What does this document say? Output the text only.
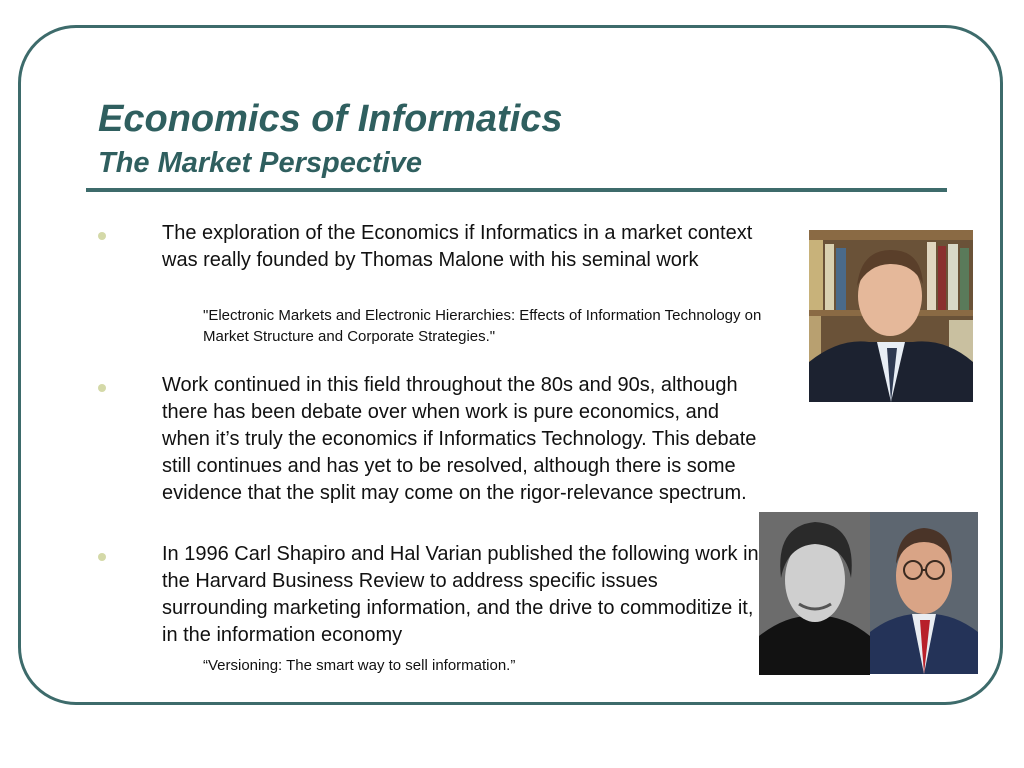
Economics of Informatics
The Market Perspective

The exploration of the Economics if Informatics in a market context was really founded by Thomas Malone with his seminal work

"Electronic Markets and Electronic Hierarchies: Effects of Information Technology on Market Structure and Corporate Strategies."

Work continued in this field throughout the 80s and 90s, although there has been debate over when work is pure economics, and when it’s truly the economics if Informatics Technology. This debate still continues and has yet to be resolved, although there is some evidence that the split may come on the rigor-relevance spectrum.

In 1996 Carl Shapiro and Hal Varian published the following work in the Harvard Business Review to address specific issues surrounding marketing information, and the drive to commoditize it, in the information economy

“Versioning: The smart way to sell information.”
